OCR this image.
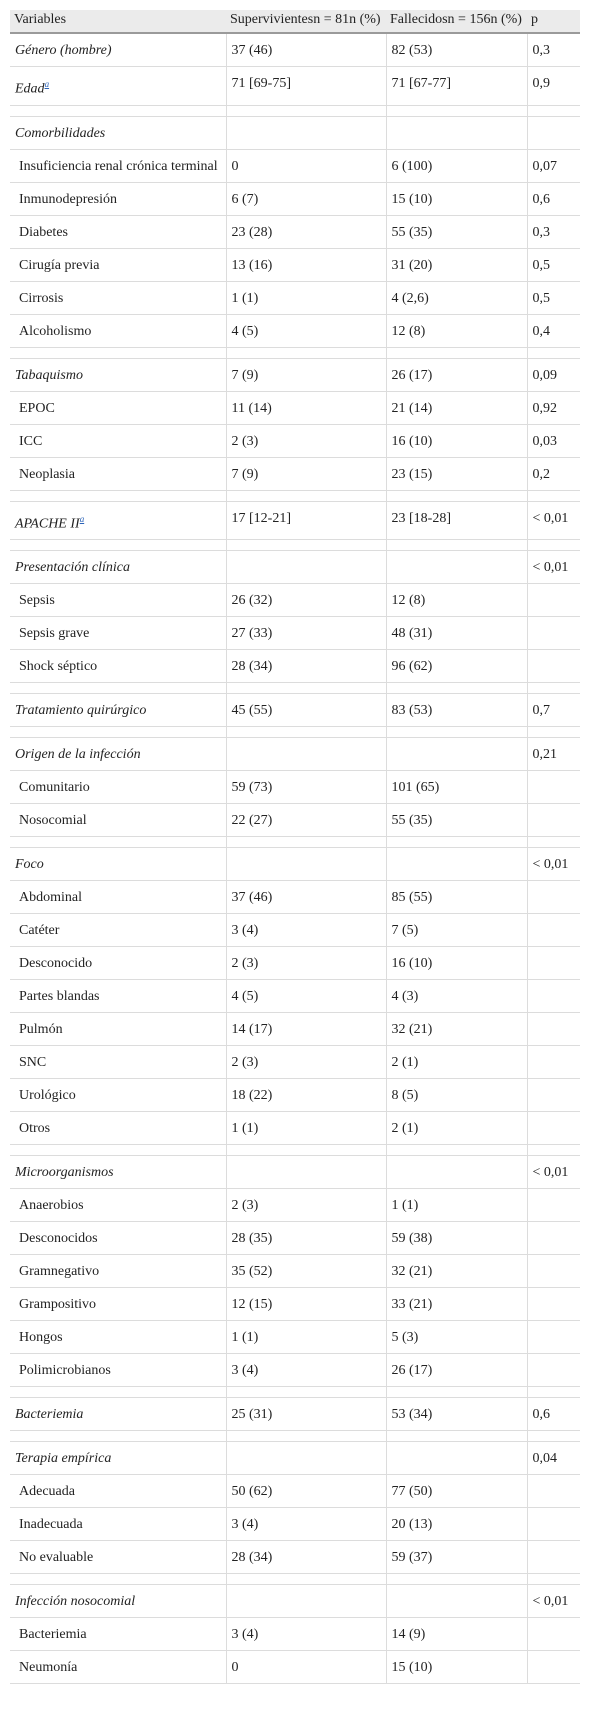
Variables	Supervivientesn = 81n (%)	Fallecidosn = 156n (%)	p
Género (hombre)	37 (46)	82 (53)	0,3
Edad$^a$	71 [69-75]	71 [67-77]	0,9

Comorbilidades			
Insuficiencia renal crónica terminal	0	6 (100)	0,07
Inmunodepresión	6 (7)	15 (10)	0,6
Diabetes	23 (28)	55 (35)	0,3
Cirugía previa	13 (16)	31 (20)	0,5
Cirrosis	1 (1)	4 (2,6)	0,5
Alcoholismo	4 (5)	12 (8)	0,4

Tabaquismo	7 (9)	26 (17)	0,09
EPOC	11 (14)	21 (14)	0,92
ICC	2 (3)	16 (10)	0,03
Neoplasia	7 (9)	23 (15)	0,2

APACHE $II^a$	17 [12-21]	23 [18-28]	< 0,01

Presentación clínica			< 0,01
Sepsis	26 (32)	12 (8)	
Sepsis grave	27 (33)	48 (31)	
Shock séptico	28 (34)	96 (62)	

Tratamiento quirúrgico	45 (55)	83 (53)	0,7

Origen de la infección			0,21
Comunitario	59 (73)	101 (65)	
Nosocomial	22 (27)	55 (35)	

Foco			< 0,01
Abdominal	37 (46)	85 (55)	
Catéter	3 (4)	7 (5)	
Desconocido	2 (3)	16 (10)	
Partes blandas	4 (5)	4 (3)	
Pulmón	14 (17)	32 (21)	
SNC	2 (3)	2 (1)	
Urológico	18 (22)	8 (5)	
Otros	1 (1)	2 (1)	

Microorganismos			< 0,01
Anaerobios	2 (3)	1 (1)	
Desconocidos	28 (35)	59 (38)	
Gramnegativo	35 (52)	32 (21)	
Grampositivo	12 (15)	33 (21)	
Hongos	1 (1)	5 (3)	
Polimicrobianos	3 (4)	26 (17)	

Bacteriemia	25 (31)	53 (34)	0,6

Terapia empírica			0,04
Adecuada	50 (62)	77 (50)	
Inadecuada	3 (4)	20 (13)	
No evaluable	28 (34)	59 (37)	

Infección nosocomial			< 0,01
Bacteriemia	3 (4)	14 (9)	
Neumonía	0	15 (10)	
